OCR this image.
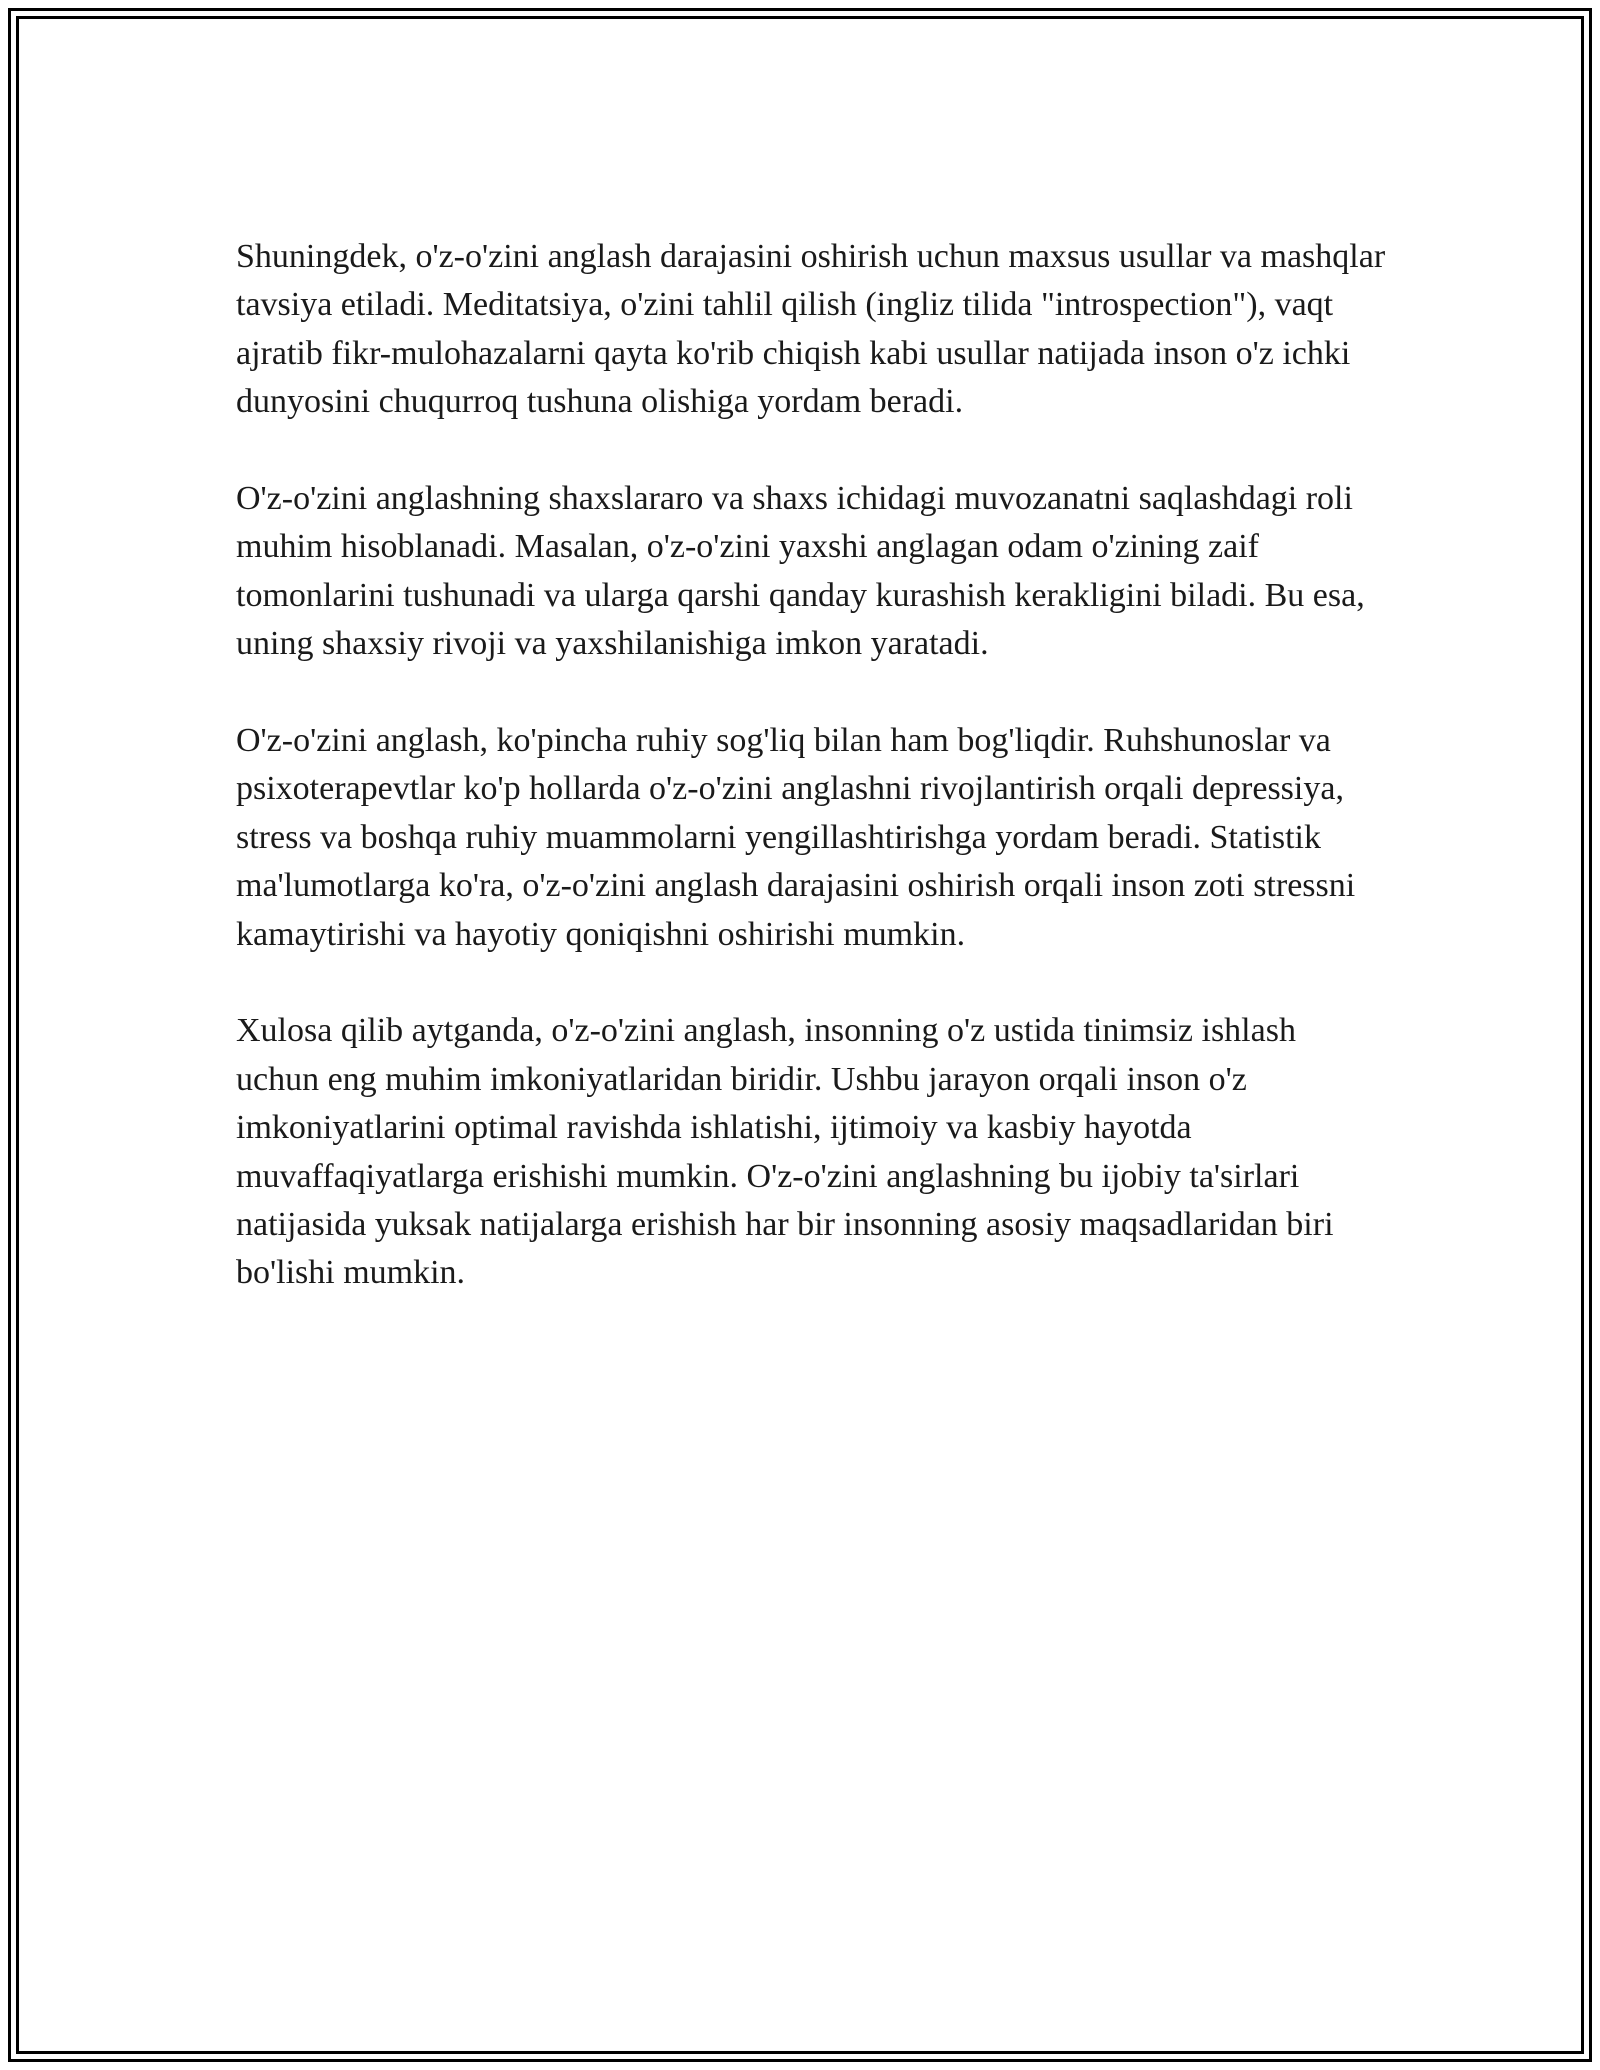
Shuningdek, o'z-o'zini anglash darajasini oshirish uchun maxsus usullar va mashqlar tavsiya etiladi. Meditatsiya, o'zini tahlil qilish (ingliz tilida "introspection"), vaqt ajratib fikr-mulohazalarni qayta ko'rib chiqish kabi usullar natijada inson o'z ichki dunyosini chuqurroq tushuna olishiga yordam beradi.

O'z-o'zini anglashning shaxslararo va shaxs ichidagi muvozanatni saqlashdagi roli muhim hisoblanadi. Masalan, o'z-o'zini yaxshi anglagan odam o'zining zaif tomonlarini tushunadi va ularga qarshi qanday kurashish kerakligini biladi. Bu esa, uning shaxsiy rivoji va yaxshilanishiga imkon yaratadi.

O'z-o'zini anglash, ko'pincha ruhiy sog'liq bilan ham bog'liqdir. Ruhshunoslar va psixoterapevtlar ko'p hollarda o'z-o'zini anglashni rivojlantirish orqali depressiya, stress va boshqa ruhiy muammolarni yengillashtirishga yordam beradi. Statistik ma'lumotlarga ko'ra, o'z-o'zini anglash darajasini oshirish orqali inson zoti stressni kamaytirishi va hayotiy qoniqishni oshirishi mumkin.

Xulosa qilib aytganda, o'z-o'zini anglash, insonning o'z ustida tinimsiz ishlash uchun eng muhim imkoniyatlaridan biridir. Ushbu jarayon orqali inson o'z imkoniyatlarini optimal ravishda ishlatishi, ijtimoiy va kasbiy hayotda muvaffaqiyatlarga erishishi mumkin. O'z-o'zini anglashning bu ijobiy ta'sirlari natijasida yuksak natijalarga erishish har bir insonning asosiy maqsadlaridan biri bo'lishi mumkin.
